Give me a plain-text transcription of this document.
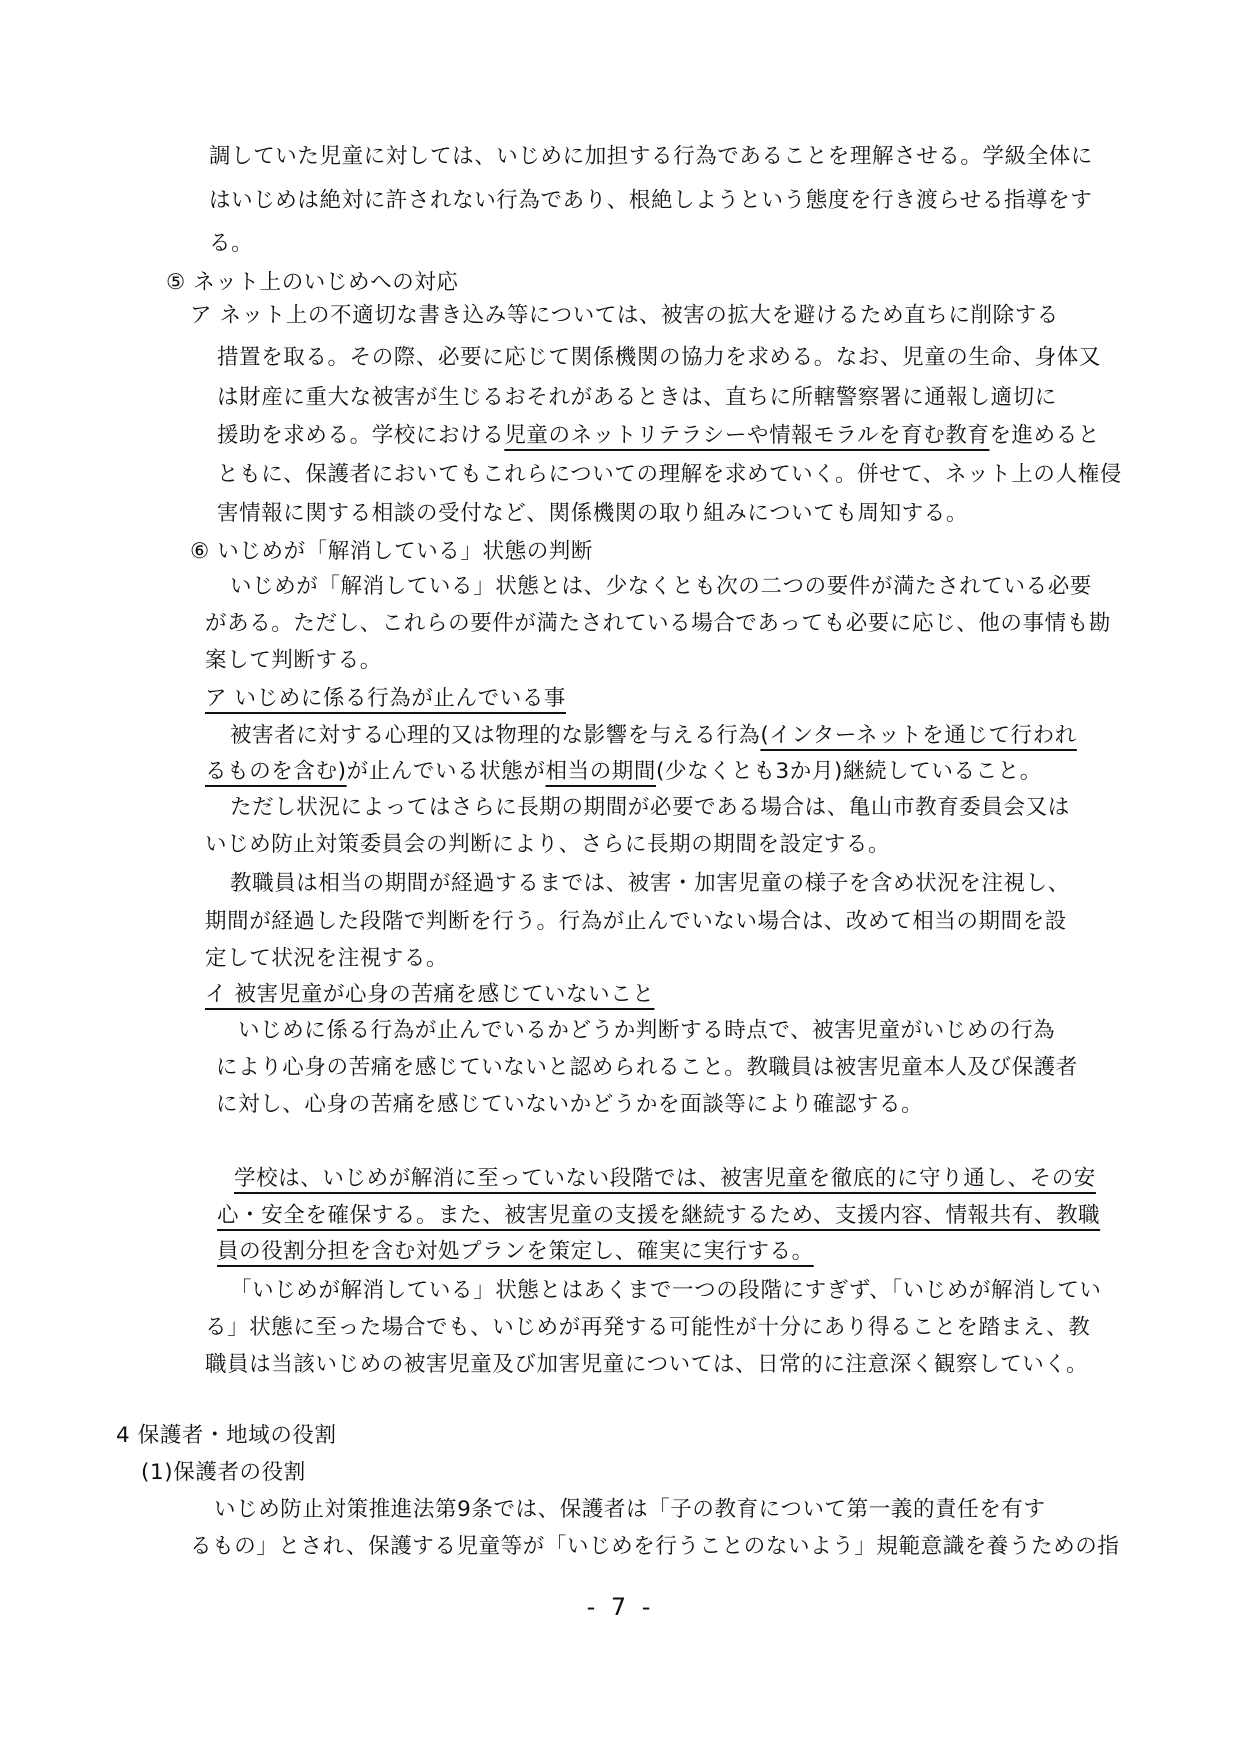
調していた児童に対しては、いじめに加担する行為であることを理解させる。学級全体に
はいじめは絶対に許されない行為であり、根絶しようという態度を行き渡らせる指導をす
る。
⑤ ネット上のいじめへの対応
ア ネット上の不適切な書き込み等については、被害の拡大を避けるため直ちに削除する
措置を取る。その際、必要に応じて関係機関の協力を求める。なお、児童の生命、身体又
は財産に重大な被害が生じるおそれがあるときは、直ちに所轄警察署に通報し適切に
援助を求める。学校における児童のネットリテラシーや情報モラルを育む教育を進めると
ともに、保護者においてもこれらについての理解を求めていく。併せて、ネット上の人権侵
害情報に関する相談の受付など、関係機関の取り組みについても周知する。
⑥ いじめが「解消している」状態の判断
いじめが「解消している」状態とは、少なくとも次の二つの要件が満たされている必要
がある。ただし、これらの要件が満たされている場合であっても必要に応じ、他の事情も勘
案して判断する。
ア いじめに係る行為が止んでいる事
被害者に対する心理的又は物理的な影響を与える行為(インターネットを通じて行われ
るものを含む)が止んでいる状態が相当の期間(少なくとも3か月)継続していること。
ただし状況によってはさらに長期の期間が必要である場合は、亀山市教育委員会又は
いじめ防止対策委員会の判断により、さらに長期の期間を設定する。
教職員は相当の期間が経過するまでは、被害・加害児童の様子を含め状況を注視し、
期間が経過した段階で判断を行う。行為が止んでいない場合は、改めて相当の期間を設
定して状況を注視する。
イ 被害児童が心身の苦痛を感じていないこと
いじめに係る行為が止んでいるかどうか判断する時点で、被害児童がいじめの行為
により心身の苦痛を感じていないと認められること。教職員は被害児童本人及び保護者
に対し、心身の苦痛を感じていないかどうかを面談等により確認する。
学校は、いじめが解消に至っていない段階では、被害児童を徹底的に守り通し、その安
心・安全を確保する。また、被害児童の支援を継続するため、支援内容、情報共有、教職
員の役割分担を含む対処プランを策定し、確実に実行する。
「いじめが解消している」状態とはあくまで一つの段階にすぎず、「いじめが解消してい
る」状態に至った場合でも、いじめが再発する可能性が十分にあり得ることを踏まえ、教
職員は当該いじめの被害児童及び加害児童については、日常的に注意深く観察していく。
4 保護者・地域の役割
(1)保護者の役割
いじめ防止対策推進法第9条では、保護者は「子の教育について第一義的責任を有す
るもの」とされ、保護する児童等が「いじめを行うことのないよう」規範意識を養うための指
- 7 -
